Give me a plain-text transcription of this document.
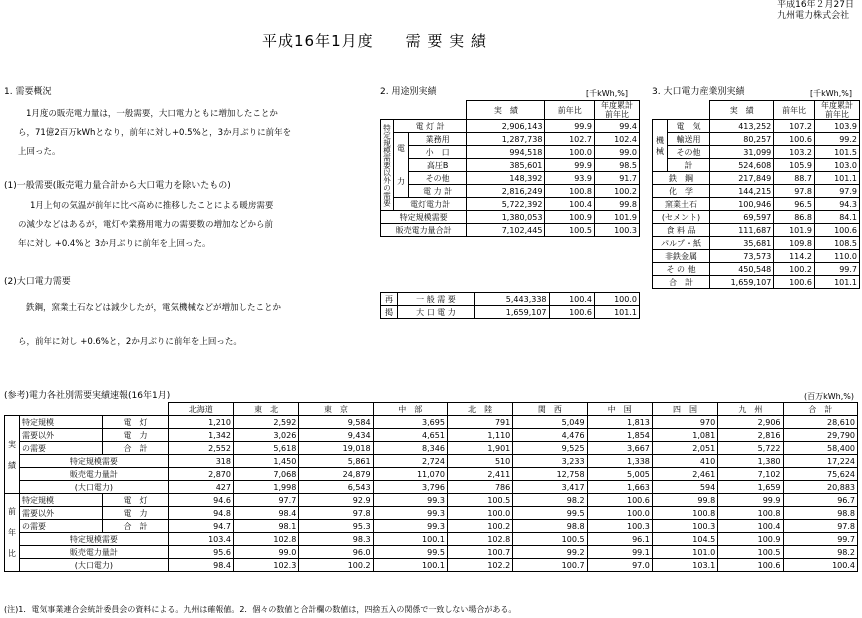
平成16年２月27日
九州電力株式会社
平成16年1月度　　需 要 実 績
1. 需要概況
1月度の販売電力量は，一般需要，大口電力ともに増加したことか
ら，71億2百万kWhとなり，前年に対し+0.5%と，3か月ぶりに前年を
上回った。
(1)一般需要(販売電力量合計から大口電力を除いたもの)
1月上旬の気温が前年に比べ高めに推移したことによる暖房需要
の減少などはあるが，電灯や業務用電力の需要数の増加などから前
年に対し +0.4%と 3か月ぶりに前年を上回った。
(2)大口電力需要
鉄鋼，窯業土石などは減少したが，電気機械などが増加したことか
ら，前年に対し +0.6%と，2か月ぶりに前年を上回った。
2. 用途別実績	[千kWh,%]
			実　績	前年比	年度累計 前年比
特定規模需要以外の需要	電 灯 計		2,906,143	99.9	99.4
	電

力	業務用	1,287,738	102.7	102.4
		小　口	994,518	100.0	99.0
		高圧B	385,601	99.9	98.5
		その他	148,392	93.9	91.7
		電 力 計	2,816,249	100.8	100.2
	電灯電力計		5,722,392	100.4	99.8
特定規模需要			1,380,053	100.9	101.9
販売電力量合計			7,102,445	100.5	100.3
再	一 般 需 要	5,443,338	100.4	100.0
掲	大 口 電 力	1,659,107	100.6	101.1
3. 大口電力産業別実績	[千kWh,%]
		実　績	前年比	年度累計 前年比
機
械	電　気	413,252	107.2	103.9
	輸送用	80,257	100.6	99.2
	その他	31,099	103.2	101.5
	計	524,608	105.9	103.0
鉄　鋼		217,849	88.7	101.1
化　学		144,215	97.8	97.9
窯業土石		100,946	96.5	94.3
(セメント)		69,597	86.8	84.1
食 料 品		111,687	101.9	100.6
パルプ・紙		35,681	109.8	108.5
非鉄金属		73,573	114.2	110.0
そ の 他		450,548	100.2	99.7
合　計		1,659,107	100.6	101.1
(参考)電力各社別需要実績速報(16年1月)	(百万kWh,%)
			北海道	東　北	東　京	中　部	北　陸	関　西	中　国	四　国	九　州	合　計

実
績	特定規模	電　灯	1,210	2,592	9,584	3,695	791	5,049	1,813	970	2,906	28,610
	需要以外	電　力	1,342	3,026	9,434	4,651	1,110	4,476	1,854	1,081	2,816	29,790
	の需要	合　計	2,552	5,618	19,018	8,346	1,901	9,525	3,667	2,051	5,722	58,400
	特定規模需要		318	1,450	5,861	2,724	510	3,233	1,338	410	1,380	17,224
	販売電力量計		2,870	7,068	24,879	11,070	2,411	12,758	5,005	2,461	7,102	75,624
	(大口電力)		427	1,998	6,543	3,796	786	3,417	1,663	594	1,659	20,883

前
年
比	特定規模	電　灯	94.6	97.7	92.9	99.3	100.5	98.2	100.6	99.8	99.9	96.7
	需要以外	電　力	94.8	98.4	97.8	99.3	100.0	99.5	100.0	100.8	100.8	98.8
	の需要	合　計	94.7	98.1	95.3	99.3	100.2	98.8	100.3	100.3	100.4	97.8
	特定規模需要		103.4	102.8	98.3	100.1	102.8	100.5	96.1	104.5	100.9	99.7
	販売電力量計		95.6	99.0	96.0	99.5	100.7	99.2	99.1	101.0	100.5	98.2
	(大口電力)		98.4	102.3	100.2	100.1	102.2	100.7	97.0	103.1	100.6	100.4
(注)1．電気事業連合会統計委員会の資料による。九州は確報値。2．個々の数値と合計欄の数値は，四捨五入の関係で一致しない場合がある。
